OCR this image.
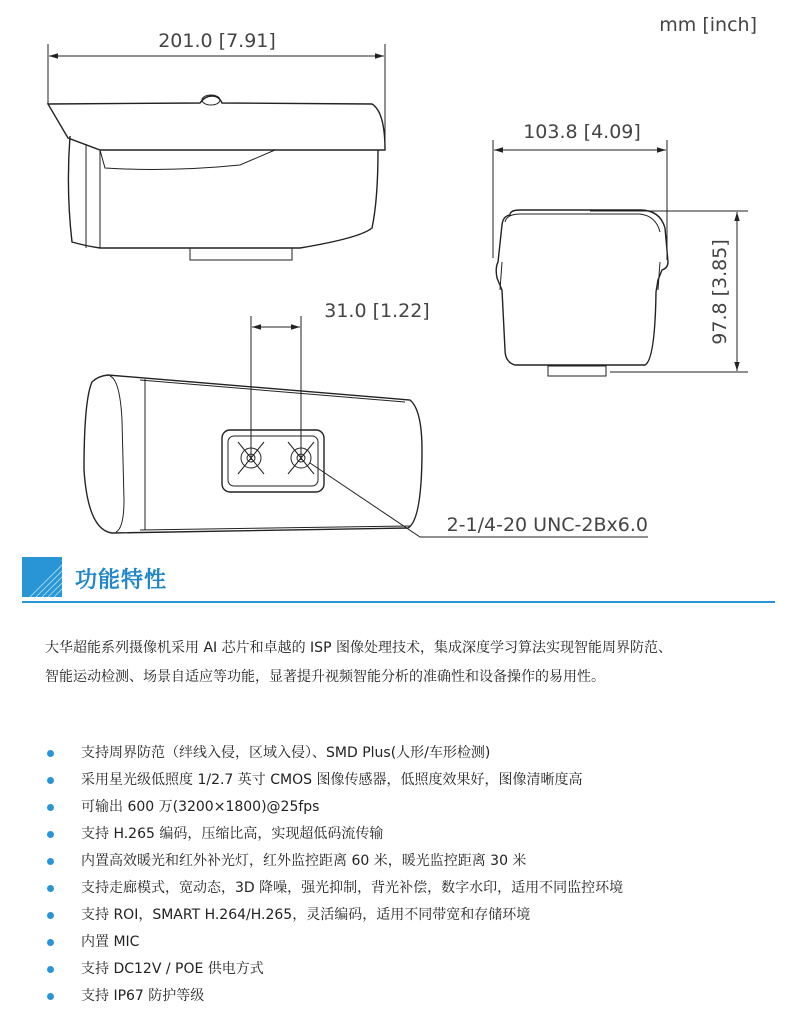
mm [inch]
201.0 [7.91]
103.8 [4.09]
97.8 [3.85]
31.0 [1.22]
2-1/4-20 UNC-2Bx6.0
功能特性

大华超能系列摄像机采用 AI 芯片和卓越的 ISP 图像处理技术，集成深度学习算法实现智能周界防范、

智能运动检测、场景自适应等功能，显著提升视频智能分析的准确性和设备操作的易用性。

支持周界防范（绊线入侵，区域入侵）、SMD Plus(人形/车形检测)
采用星光级低照度 1/2.7 英寸 CMOS 图像传感器，低照度效果好，图像清晰度高
可输出 600 万(3200×1800)@25fps
支持 H.265 编码，压缩比高，实现超低码流传输
内置高效暖光和红外补光灯，红外监控距离 60 米，暖光监控距离 30 米
支持走廊模式，宽动态，3D 降噪，强光抑制，背光补偿，数字水印，适用不同监控环境
支持 ROI，SMART H.264/H.265，灵活编码，适用不同带宽和存储环境
内置 MIC
支持 DC12V / POE 供电方式
支持 IP67 防护等级
